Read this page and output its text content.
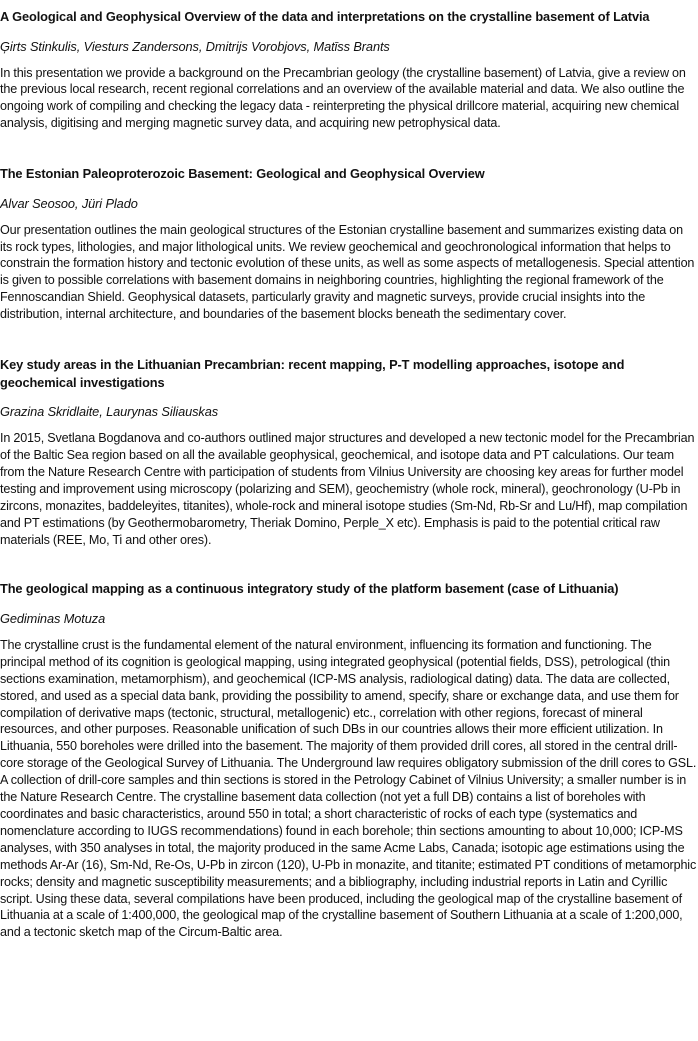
A Geological and Geophysical Overview of the data and interpretations on the crystalline basement of Latvia

Ģirts Stinkulis, Viesturs Zandersons, Dmitrijs Vorobjovs, Matīss Brants

In this presentation we provide a background on the Precambrian geology (the crystalline basement) of Latvia, give a review on the previous local research, recent regional correlations and an overview of the available material and data. We also outline the ongoing work of compiling and checking the legacy data - reinterpreting the physical drillcore material, acquiring new chemical analysis, digitising and merging magnetic survey data, and acquiring new petrophysical data.

The Estonian Paleoproterozoic Basement: Geological and Geophysical Overview

Alvar Seosoo, Jüri Plado

Our presentation outlines the main geological structures of the Estonian crystalline basement and summarizes existing data on its rock types, lithologies, and major lithological units. We review geochemical and geochronological information that helps to constrain the formation history and tectonic evolution of these units, as well as some aspects of metallogenesis. Special attention is given to possible correlations with basement domains in neighboring countries, highlighting the regional framework of the Fennoscandian Shield. Geophysical datasets, particularly gravity and magnetic surveys, provide crucial insights into the distribution, internal architecture, and boundaries of the basement blocks beneath the sedimentary cover.

Key study areas in the Lithuanian Precambrian: recent mapping, P-T modelling approaches, isotope and geochemical investigations

Grazina Skridlaite, Laurynas Siliauskas

In 2015, Svetlana Bogdanova and co-authors outlined major structures and developed a new tectonic model for the Precambrian of the Baltic Sea region based on all the available geophysical, geochemical, and isotope data and PT calculations. Our team from the Nature Research Centre with participation of students from Vilnius University are choosing key areas for further model testing and improvement using microscopy (polarizing and SEM), geochemistry (whole rock, mineral), geochronology (U-Pb in zircons, monazites, baddeleyites, titanites), whole-rock and mineral isotope studies (Sm-Nd, Rb-Sr and Lu/Hf), map compilation and PT estimations (by Geothermobarometry, Theriak Domino, Perple_X etc). Emphasis is paid to the potential critical raw materials (REE, Mo, Ti and other ores).

The geological mapping as a continuous integratory study of the platform basement (case of Lithuania)

Gediminas Motuza

The crystalline crust is the fundamental element of the natural environment, influencing its formation and functioning. The principal method of its cognition is geological mapping, using integrated geophysical (potential fields, DSS), petrological (thin sections examination, metamorphism), and geochemical (ICP-MS analysis, radiological dating) data. The data are collected, stored, and used as a special data bank, providing the possibility to amend, specify, share or exchange data, and use them for compilation of derivative maps (tectonic, structural, metallogenic) etc., correlation with other regions, forecast of mineral resources, and other purposes. Reasonable unification of such DBs in our countries allows their more efficient utilization. In Lithuania, 550 boreholes were drilled into the basement. The majority of them provided drill cores, all stored in the central drill-core storage of the Geological Survey of Lithuania. The Underground law requires obligatory submission of the drill cores to GSL. A collection of drill-core samples and thin sections is stored in the Petrology Cabinet of Vilnius University; a smaller number is in the Nature Research Centre. The crystalline basement data collection (not yet a full DB) contains a list of boreholes with coordinates and basic characteristics, around 550 in total; a short characteristic of rocks of each type (systematics and nomenclature according to IUGS recommendations) found in each borehole; thin sections amounting to about 10,000; ICP-MS analyses, with 350 analyses in total, the majority produced in the same Acme Labs, Canada; isotopic age estimations using the methods Ar-Ar (16), Sm-Nd, Re-Os, U-Pb in zircon (120), U-Pb in monazite, and titanite; estimated PT conditions of metamorphic rocks; density and magnetic susceptibility measurements; and a bibliography, including industrial reports in Latin and Cyrillic script. Using these data, several compilations have been produced, including the geological map of the crystalline basement of Lithuania at a scale of 1:400,000, the geological map of the crystalline basement of Southern Lithuania at a scale of 1:200,000, and a tectonic sketch map of the Circum-Baltic area.
